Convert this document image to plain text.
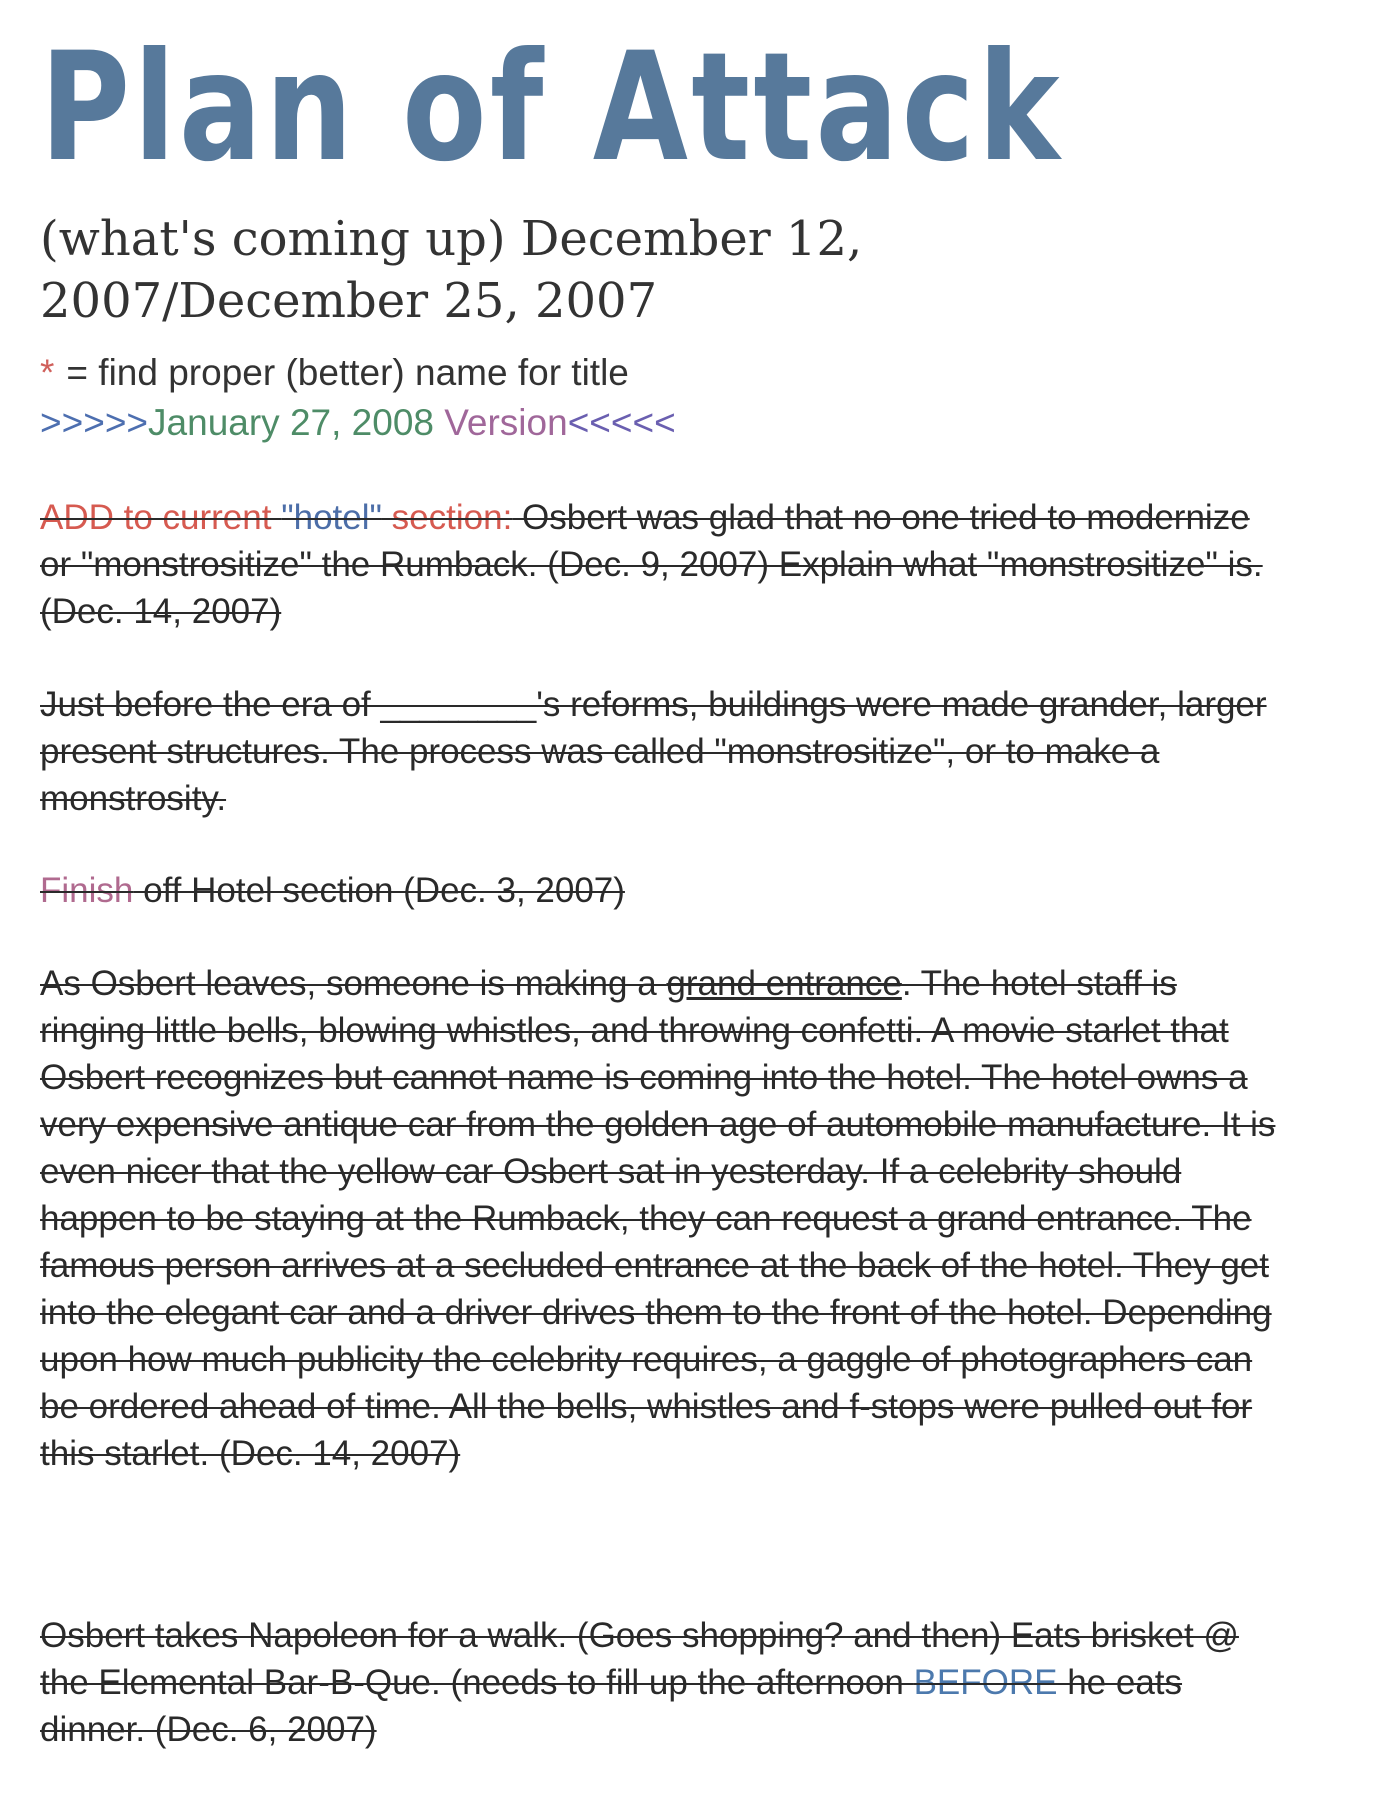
Plan of Attack
(what's coming up) December 12, 2007/December 25, 2007
* = find proper (better) name for title
>>>>>January 27, 2008 Version<<<<<
ADD to current "hotel" section: Osbert was glad that no one tried to modernize or "monstrositize" the Rumback. (Dec. 9, 2007) Explain what "monstrositize" is. (Dec. 14, 2007)
Just before the era of ________'s reforms, buildings were made grander, larger present structures. The process was called "monstrositize", or to make a monstrosity.
Finish off Hotel section (Dec. 3, 2007)
As Osbert leaves, someone is making a grand entrance. The hotel staff is ringing little bells, blowing whistles, and throwing confetti. A movie starlet that Osbert recognizes but cannot name is coming into the hotel. The hotel owns a very expensive antique car from the golden age of automobile manufacture. It is even nicer that the yellow car Osbert sat in yesterday. If a celebrity should happen to be staying at the Rumback, they can request a grand entrance. The famous person arrives at a secluded entrance at the back of the hotel. They get into the elegant car and a driver drives them to the front of the hotel. Depending upon how much publicity the celebrity requires, a gaggle of photographers can be ordered ahead of time. All the bells, whistles and f-stops were pulled out for this starlet. (Dec. 14, 2007)
Osbert takes Napoleon for a walk. (Goes shopping? and then) Eats brisket @ the Elemental Bar-B-Que. (needs to fill up the afternoon BEFORE he eats dinner. (Dec. 6, 2007)
